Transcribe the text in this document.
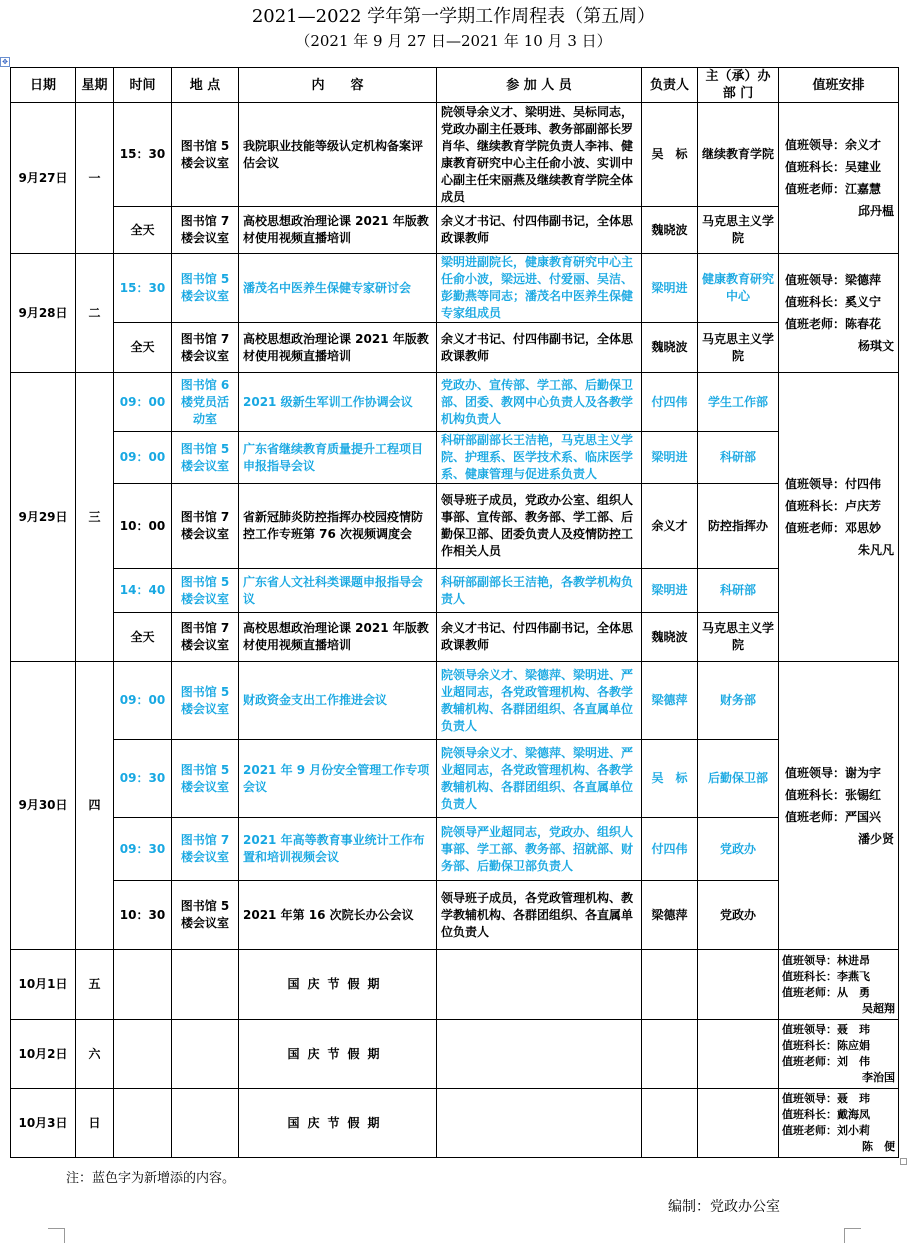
2021—2022 学年第一学期工作周程表（第五周）
（2021 年 9 月 27 日—2021 年 10 月 3 日）
✥
日期	星期	时间	地 点	内　　容	参 加 人 员	负责人	主（承）办部 门	值班安排
9月27日	一	15：30	图书馆 5 楼会议室	我院职业技能等级认定机构备案评估会议	院领导余义才、梁明进、吴标同志，党政办副主任聂玮、教务部副部长罗肖华、继续教育学院负责人李祎、健康教育研究中心主任俞小波、实训中心副主任宋丽燕及继续教育学院全体成员	吴　标	继续教育学院	值班领导：余义才
值班科长：吴建业
值班老师：江嘉慧
邱丹榅

		全天	图书馆 7 楼会议室	高校思想政治理论课 2021 年版教材使用视频直播培训	余义才书记、付四伟副书记，全体思政课教师	魏晓波	马克思主义学院	
9月28日	二	15：30	图书馆 5 楼会议室	潘茂名中医养生保健专家研讨会	梁明进副院长，健康教育研究中心主任俞小波，梁远进、付爱丽、吴洁、彭勤燕等同志；潘茂名中医养生保健专家组成员	梁明进	健康教育研究中心	值班领导：梁德萍
值班科长：奚义宁
值班老师：陈春花
杨琪文

		全天	图书馆 7 楼会议室	高校思想政治理论课 2021 年版教材使用视频直播培训	余义才书记、付四伟副书记，全体思政课教师	魏晓波	马克思主义学院	
9月29日	三	09：00	图书馆 6 楼党员活动室	2021 级新生军训工作协调会议	党政办、宣传部、学工部、后勤保卫部、团委、教网中心负责人及各教学机构负责人	付四伟	学生工作部	值班领导：付四伟
值班科长：卢庆芳
值班老师：邓思妙
朱凡凡

		09：00	图书馆 5 楼会议室	广东省继续教育质量提升工程项目申报指导会议	科研部副部长王洁艳，马克思主义学院、护理系、医学技术系、临床医学系、健康管理与促进系负责人	梁明进	科研部	
		10：00	图书馆 7 楼会议室	省新冠肺炎防控指挥办校园疫情防控工作专班第 76 次视频调度会	领导班子成员，党政办公室、组织人事部、宣传部、教务部、学工部、后勤保卫部、团委负责人及疫情防控工作相关人员	余义才	防控指挥办	
		14：40	图书馆 5 楼会议室	广东省人文社科类课题申报指导会议	科研部副部长王洁艳，各教学机构负责人	梁明进	科研部	
		全天	图书馆 7 楼会议室	高校思想政治理论课 2021 年版教材使用视频直播培训	余义才书记、付四伟副书记，全体思政课教师	魏晓波	马克思主义学院	
9月30日	四	09：00	图书馆 5 楼会议室	财政资金支出工作推进会议	院领导余义才、梁德萍、梁明进、严业超同志，各党政管理机构、各教学教辅机构、各群团组织、各直属单位负责人	梁德萍	财务部	值班领导：谢为宇
值班科长：张锡红
值班老师：严国兴
潘少贤

		09：30	图书馆 5 楼会议室	2021 年 9 月份安全管理工作专项会议	院领导余义才、梁德萍、梁明进、严业超同志，各党政管理机构、各教学教辅机构、各群团组织、各直属单位负责人	吴　标	后勤保卫部	
		09：30	图书馆 7 楼会议室	2021 年高等教育事业统计工作布置和培训视频会议	院领导严业超同志，党政办、组织人事部、学工部、教务部、招就部、财务部、后勤保卫部负责人	付四伟	党政办	
		10：30	图书馆 5 楼会议室	2021 年第 16 次院长办公会议	领导班子成员，各党政管理机构、教学教辅机构、各群团组织、各直属单位负责人	梁德萍	党政办	
10月1日	五			国庆节假期				值班领导：林进昂
值班科长：李燕飞
值班老师：从　勇
吴超翔

10月2日	六			国庆节假期				值班领导：聂　玮
值班科长：陈应娟
值班老师：刘　伟
李治国

10月3日	日			国庆节假期				值班领导：聂　玮
值班科长：戴海凤
值班老师：刘小莉
陈　便
注：蓝色字为新增添的内容。
编制：党政办公室
